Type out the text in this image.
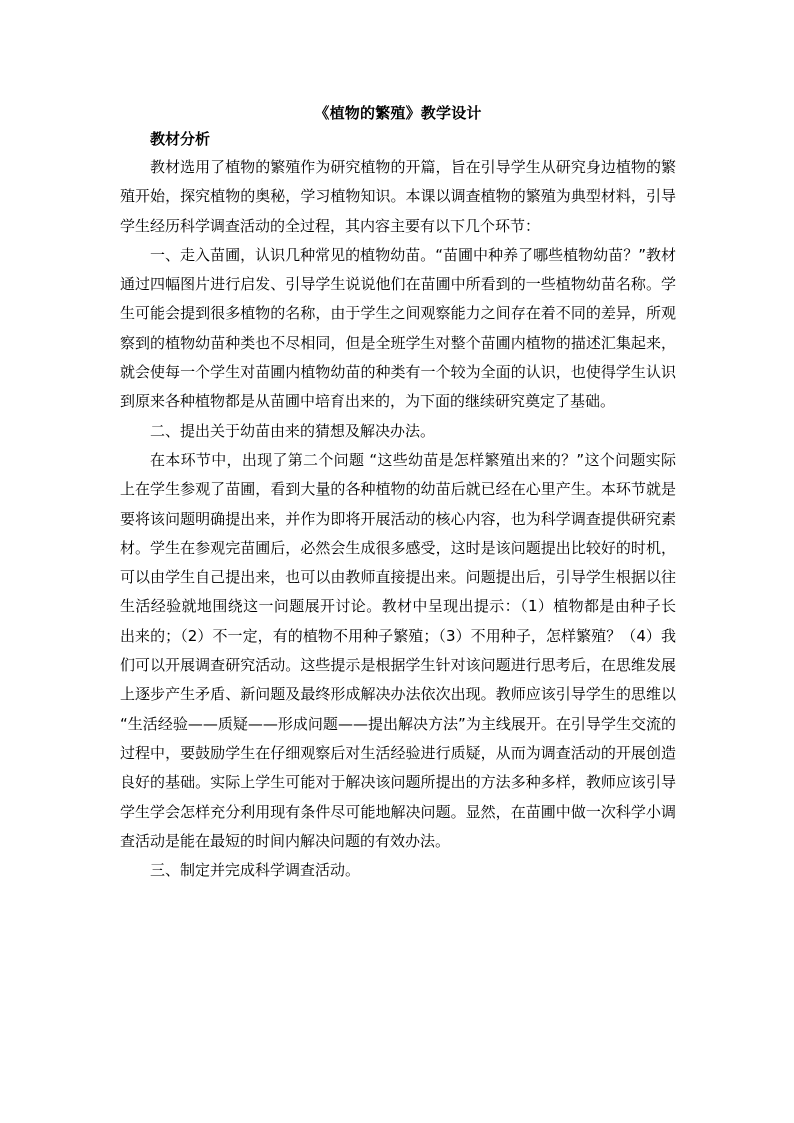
《植物的繁殖》教学设计
教材分析

教材选用了植物的繁殖作为研究植物的开篇，旨在引导学生从研究身边植物的繁殖开始，探究植物的奥秘，学习植物知识。本课以调查植物的繁殖为典型材料，引导学生经历科学调查活动的全过程，其内容主要有以下几个环节：

一、走入苗圃，认识几种常见的植物幼苗。“苗圃中种养了哪些植物幼苗？”教材通过四幅图片进行启发、引导学生说说他们在苗圃中所看到的一些植物幼苗名称。学生可能会提到很多植物的名称，由于学生之间观察能力之间存在着不同的差异，所观察到的植物幼苗种类也不尽相同，但是全班学生对整个苗圃内植物的描述汇集起来，就会使每一个学生对苗圃内植物幼苗的种类有一个较为全面的认识，也使得学生认识到原来各种植物都是从苗圃中培育出来的，为下面的继续研究奠定了基础。

二、提出关于幼苗由来的猜想及解决办法。

在本环节中，出现了第二个问题 “这些幼苗是怎样繁殖出来的？”这个问题实际上在学生参观了苗圃，看到大量的各种植物的幼苗后就已经在心里产生。本环节就是要将该问题明确提出来，并作为即将开展活动的核心内容，也为科学调查提供研究素材。学生在参观完苗圃后，必然会生成很多感受，这时是该问题提出比较好的时机，可以由学生自己提出来，也可以由教师直接提出来。问题提出后，引导学生根据以往生活经验就地围绕这一问题展开讨论。教材中呈现出提示：（1）植物都是由种子长出来的；（2）不一定，有的植物不用种子繁殖；（3）不用种子，怎样繁殖？（4）我们可以开展调查研究活动。这些提示是根据学生针对该问题进行思考后，在思维发展上逐步产生矛盾、新问题及最终形成解决办法依次出现。教师应该引导学生的思维以 “生活经验——质疑——形成问题——提出解决方法”为主线展开。在引导学生交流的过程中，要鼓励学生在仔细观察后对生活经验进行质疑，从而为调查活动的开展创造良好的基础。实际上学生可能对于解决该问题所提出的方法多种多样，教师应该引导学生学会怎样充分利用现有条件尽可能地解决问题。显然，在苗圃中做一次科学小调查活动是能在最短的时间内解决问题的有效办法。

三、制定并完成科学调查活动。
